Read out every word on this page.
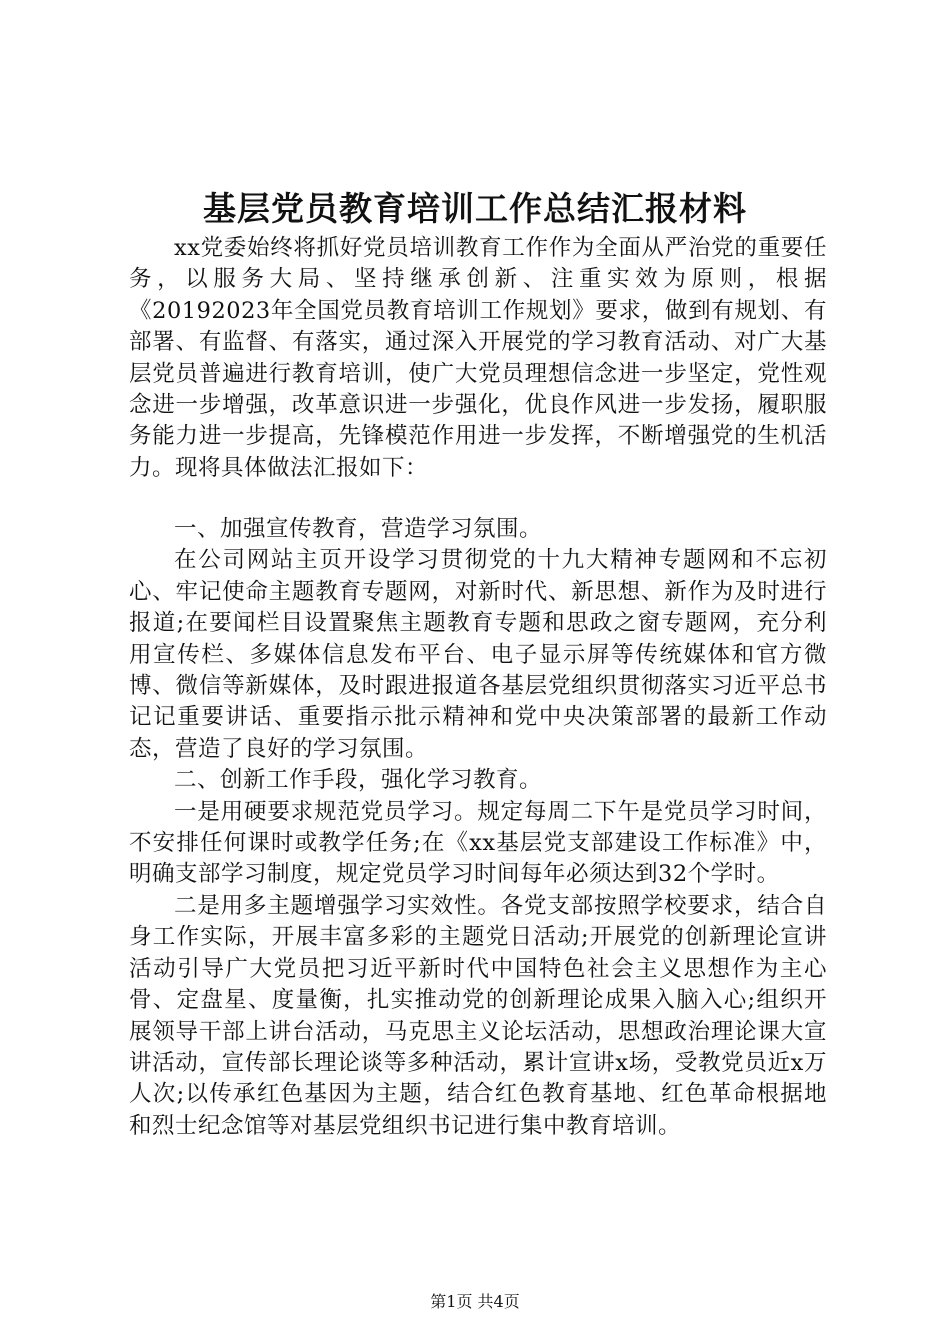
基层党员教育培训工作总结汇报材料

xx党委始终将抓好党员培训教育工作作为全面从严治党的重要任务，以服务大局、坚持继承创新、注重实效为原则，根据《20192023年全国党员教育培训工作规划》要求，做到有规划、有部署、有监督、有落实，通过深入开展党的学习教育活动、对广大基层党员普遍进行教育培训，使广大党员理想信念进一步坚定，党性观念进一步增强，改革意识进一步强化，优良作风进一步发扬，履职服务能力进一步提高，先锋模范作用进一步发挥，不断增强党的生机活力。现将具体做法汇报如下：

一、加强宣传教育，营造学习氛围。

在公司网站主页开设学习贯彻党的十九大精神专题网和不忘初心、牢记使命主题教育专题网，对新时代、新思想、新作为及时进行报道;在要闻栏目设置聚焦主题教育专题和思政之窗专题网，充分利用宣传栏、多媒体信息发布平台、电子显示屏等传统媒体和官方微博、微信等新媒体，及时跟进报道各基层党组织贯彻落实习近平总书记记重要讲话、重要指示批示精神和党中央决策部署的最新工作动态，营造了良好的学习氛围。

二、创新工作手段，强化学习教育。

一是用硬要求规范党员学习。规定每周二下午是党员学习时间，不安排任何课时或教学任务;在《xx基层党支部建设工作标准》中，明确支部学习制度，规定党员学习时间每年必须达到32个学时。

二是用多主题增强学习实效性。各党支部按照学校要求，结合自身工作实际，开展丰富多彩的主题党日活动;开展党的创新理论宣讲活动引导广大党员把习近平新时代中国特色社会主义思想作为主心骨、定盘星、度量衡，扎实推动党的创新理论成果入脑入心;组织开展领导干部上讲台活动，马克思主义论坛活动，思想政治理论课大宣讲活动，宣传部长理论谈等多种活动，累计宣讲x场，受教党员近x万人次;以传承红色基因为主题，结合红色教育基地、红色革命根据地和烈士纪念馆等对基层党组织书记进行集中教育培训。

第1页 共4页
